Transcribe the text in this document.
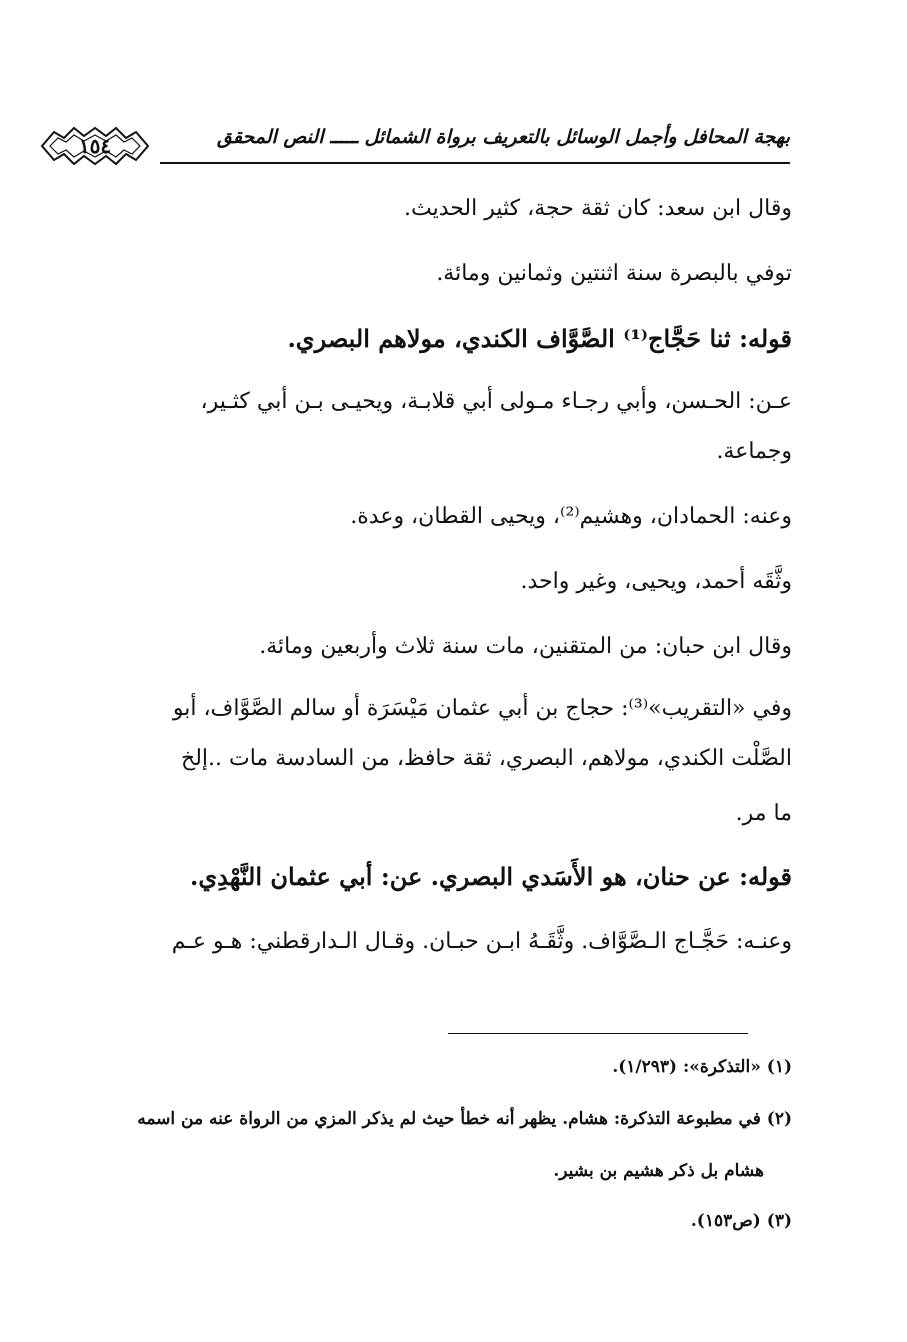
بهجة المحافل وأجمل الوسائل بالتعريف برواة الشمائل ـــــ النص المحقق
١٥٤
وقال ابن سعد: كان ثقة حجة، كثير الحديث.
توفي بالبصرة سنة اثنتين وثمانين ومائة.
قوله: ثنا حَجَّاج⁽¹⁾ الصَّوَّاف الكندي، مولاهم البصري.
عـن: الحـسن، وأبي رجـاء مـولى أبي قلابـة، ويحيـى بـن أبي كثـير،
وجماعة.
وعنه: الحمادان، وهشيم⁽²⁾، ويحيى القطان، وعدة.
وثَّقَه أحمد، ويحيى، وغير واحد.
وقال ابن حبان: من المتقنين، مات سنة ثلاث وأربعين ومائة.
وفي «التقريب»⁽³⁾: حجاج بن أبي عثمان مَيْسَرَة أو سالم الصَّوَّاف، أبو
الصَّلْت الكندي، مولاهم، البصري، ثقة حافظ، من السادسة مات ..إلخ
ما مر.
قوله: عن حنان، هو الأَسَدي البصري. عن: أبي عثمان النَّهْدِي.
وعنـه: حَجَّـاج الـصَّوَّاف. وثَّقَـهُ ابـن حبـان. وقـال الـدارقطني: هـو عـم
(١) «التذكرة»: (١/٢٩٣).
(٢) في مطبوعة التذكرة: هشام. يظهر أنه خطأ حيث لم يذكر المزي من الرواة عنه من اسمه
هشام بل ذكر هشيم بن بشير.
(٣) (ص١٥٣).
